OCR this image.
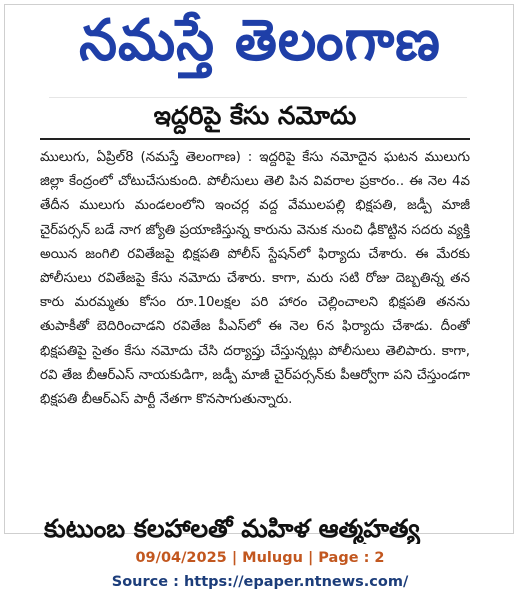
నమస్తే తెలంగాణ
ఇద్దరిపై కేసు నమోదు

ములుగు, ఏప్రిల్8 (నమస్తే తెలంగాణ) : ఇద్దరిపై కేసు నమోదైన ఘటన ములుగు జిల్లా కేంద్రంలో చోటుచేసుకుంది. పోలీసులు తెలి పిన వివరాల ప్రకారం.. ఈ నెల 4వ తేదీన ములుగు మండలంలోని ఇంచర్ల వద్ద వేములపల్లి భిక్షపతి, జడ్పీ మాజీ చైర్‌పర్సన్ బడే నాగ జ్యోతి ప్రయాణిస్తున్న కారును వెనుక నుంచి ఢీకొట్టిన సదరు వ్యక్తి అయిన జంగిలి రవితేజపై భిక్షపతి పోలీస్ స్టేషన్‌లో ఫిర్యాదు చేశారు. ఈ మేరకు పోలీసులు రవితేజపై కేసు నమోదు చేశారు. కాగా, మరు సటి రోజు దెబ్బతిన్న తన కారు మరమ్మతు కోసం రూ.10లక్షల పరి హారం చెల్లించాలని భిక్షపతి తనను తుపాకీతో బెదిరించాడని రవితేజ పీఎస్‌లో ఈ నెల 6న ఫిర్యాదు చేశాడు. దీంతో భిక్షపతిపై సైతం కేసు నమోదు చేసి దర్యాప్తు చేస్తున్నట్లు పోలీసులు తెలిపారు. కాగా, రవి తేజ బీఆర్‌ఎస్ నాయకుడిగా, జడ్పీ మాజీ చైర్‌పర్సన్‌కు పీఆర్వోగా పని చేస్తుండగా భిక్షపతి బీఆర్‌ఎస్ పార్టీ నేతగా కొనసాగుతున్నారు.

కుటుంబ కలహాలతో మహిళ ఆత్మహత్య
09/04/2025 | Mulugu | Page : 2
Source : https://epaper.ntnews.com/
